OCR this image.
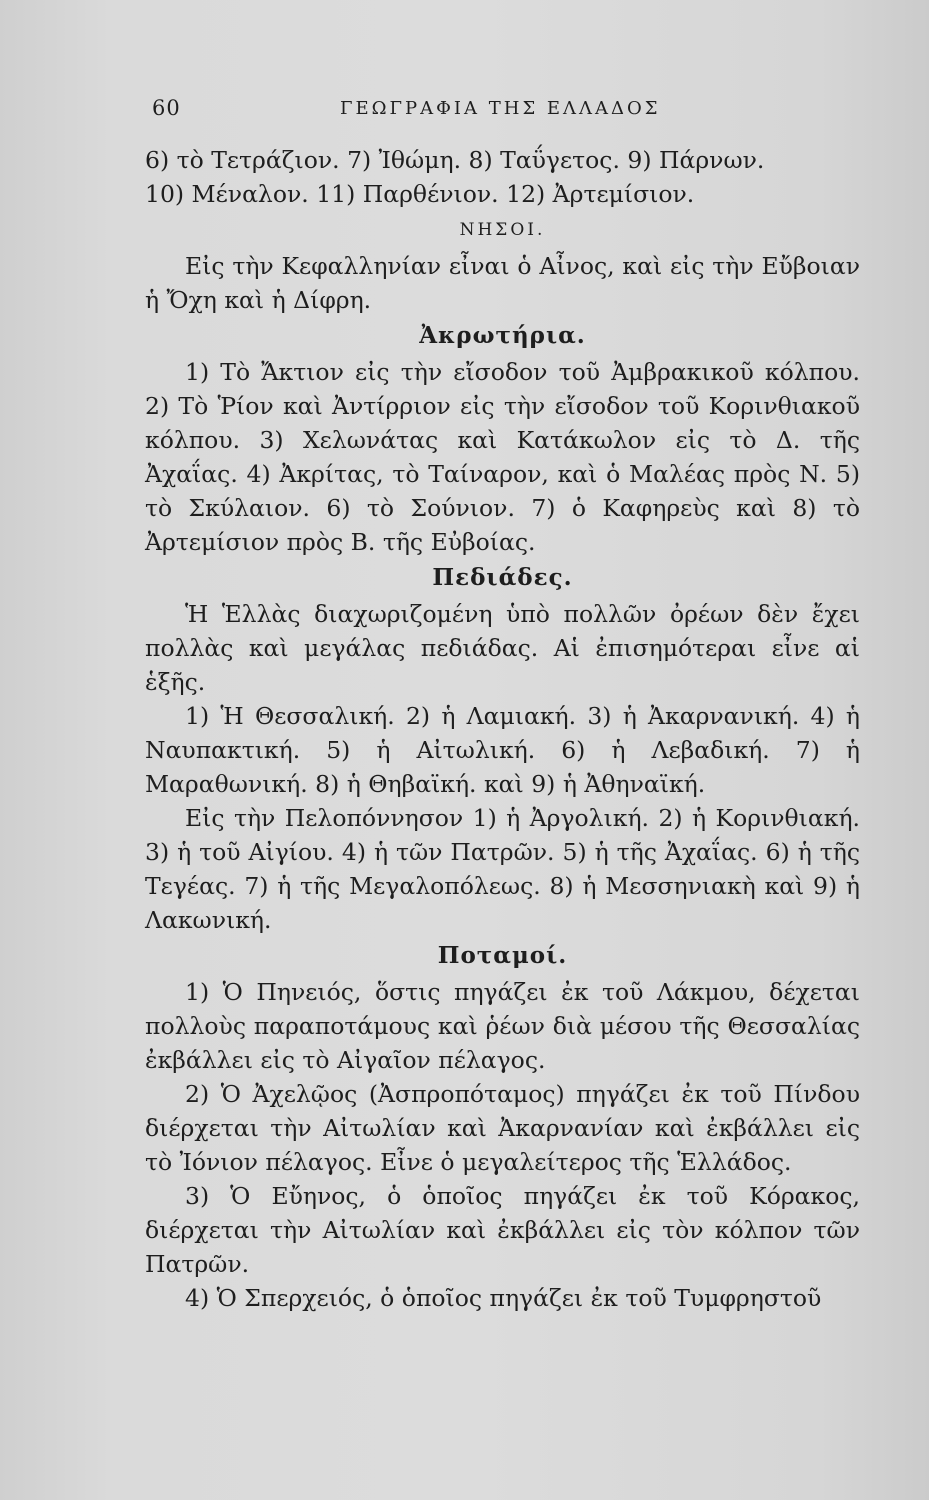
60	ΓΕΩΓΡΑΦΙΑ ΤΗΣ ΕΛΛΑΔΟΣ

6) τὸ Τετράζιον. 7) Ἰθώμη. 8) Ταΰγετος. 9) Πάρνων.

10) Μέναλον. 11) Παρθένιον. 12) Ἀρτεμίσιον.

ΝΗΣΟΙ.

Εἰς τὴν Κεφαλληνίαν εἶναι ὁ Αἶνος, καὶ εἰς τὴν Εὔβοιαν ἡ Ὄχη καὶ ἡ Δίφρη.

Ἀκρωτήρια.

1) Τὸ Ἄκτιον εἰς τὴν εἴσοδον τοῦ Ἀμβρακικοῦ κόλπου. 2) Τὸ Ῥίον καὶ Ἀντίρριον εἰς τὴν εἴσοδον τοῦ Κορινθιακοῦ κόλπου. 3) Χελωνάτας καὶ Κατάκωλον εἰς τὸ Δ. τῆς Ἀχαΐας. 4) Ἀκρίτας, τὸ Ταίναρον, καὶ ὁ Μαλέας πρὸς Ν. 5) τὸ Σκύλαιον. 6) τὸ Σούνιον. 7) ὁ Καφηρεὺς καὶ 8) τὸ Ἀρτεμίσιον πρὸς Β. τῆς Εὐβοίας.

Πεδιάδες.

Ἡ Ἑλλὰς διαχωριζομένη ὑπὸ πολλῶν ὀρέων δὲν ἔχει πολλὰς καὶ μεγάλας πεδιάδας. Αἱ ἐπισημότεραι εἶνε αἱ ἑξῆς.

1) Ἡ Θεσσαλική. 2) ἡ Λαμιακή. 3) ἡ Ἀκαρνανική. 4) ἡ Ναυπακτική. 5) ἡ Αἰτωλική. 6) ἡ Λεβαδική. 7) ἡ Μαραθωνική. 8) ἡ Θηβαϊκή. καὶ 9) ἡ Ἀθηναϊκή.

Εἰς τὴν Πελοπόννησον 1) ἡ Ἀργολική. 2) ἡ Κορινθιακή. 3) ἡ τοῦ Αἰγίου. 4) ἡ τῶν Πατρῶν. 5) ἡ τῆς Ἀχαΐας. 6) ἡ τῆς Τεγέας. 7) ἡ τῆς Μεγαλοπόλεως. 8) ἡ Μεσσηνιακὴ καὶ 9) ἡ Λακωνική.

Ποταμοί.

1) Ὁ Πηνειός, ὅστις πηγάζει ἐκ τοῦ Λάκμου, δέχεται πολλοὺς παραποτάμους καὶ ῥέων διὰ μέσου τῆς Θεσσαλίας ἐκβάλλει εἰς τὸ Αἰγαῖον πέλαγος.

2) Ὁ Ἀχελῷος (Ἀσπροπόταμος) πηγάζει ἐκ τοῦ Πίνδου διέρχεται τὴν Αἰτωλίαν καὶ Ἀκαρνανίαν καὶ ἐκβάλλει εἰς τὸ Ἰόνιον πέλαγος. Εἶνε ὁ μεγαλείτερος τῆς Ἑλλάδος.

3) Ὁ Εὔηνος, ὁ ὁποῖος πηγάζει ἐκ τοῦ Κόρακος, διέρχεται τὴν Αἰτωλίαν καὶ ἐκβάλλει εἰς τὸν κόλπον τῶν Πατρῶν.

4) Ὁ Σπερχειός, ὁ ὁποῖος πηγάζει ἐκ τοῦ Τυμφρηστοῦ
